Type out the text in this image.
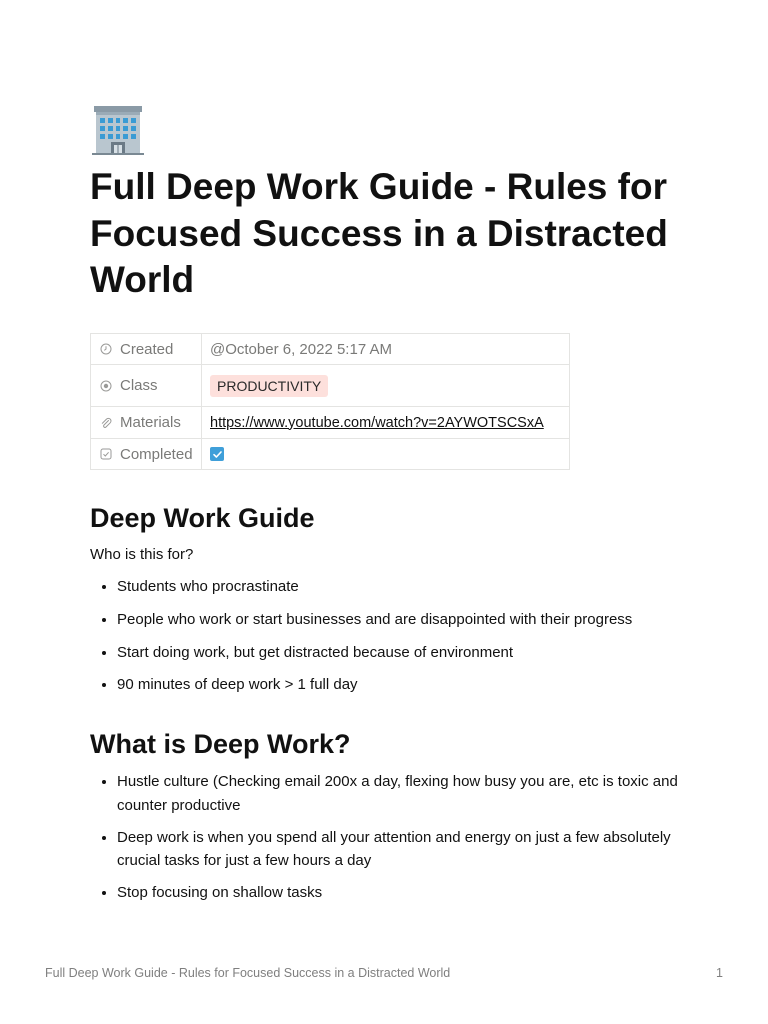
Full Deep Work Guide - Rules for Focused Success in a Distracted World
Created	@October 6, 2022 5:17 AM

Class	PRODUCTIVITY

Materials	https://www.youtube.com/watch?v=2AYWOTSCSxA

Completed

Deep Work Guide

Who is this for?

• Students who procrastinate
• People who work or start businesses and are disappointed with their progress
• Start doing work, but get distracted because of environment
• 90 minutes of deep work > 1 full day
What is Deep Work?
• Hustle culture (Checking email 200x a day, flexing how busy you are, etc is toxic and counter productive
• Deep work is when you spend all your attention and energy on just a few absolutely crucial tasks for just a few hours a day
• Stop focusing on shallow tasks
Full Deep Work Guide - Rules for Focused Success in a Distracted World	1
